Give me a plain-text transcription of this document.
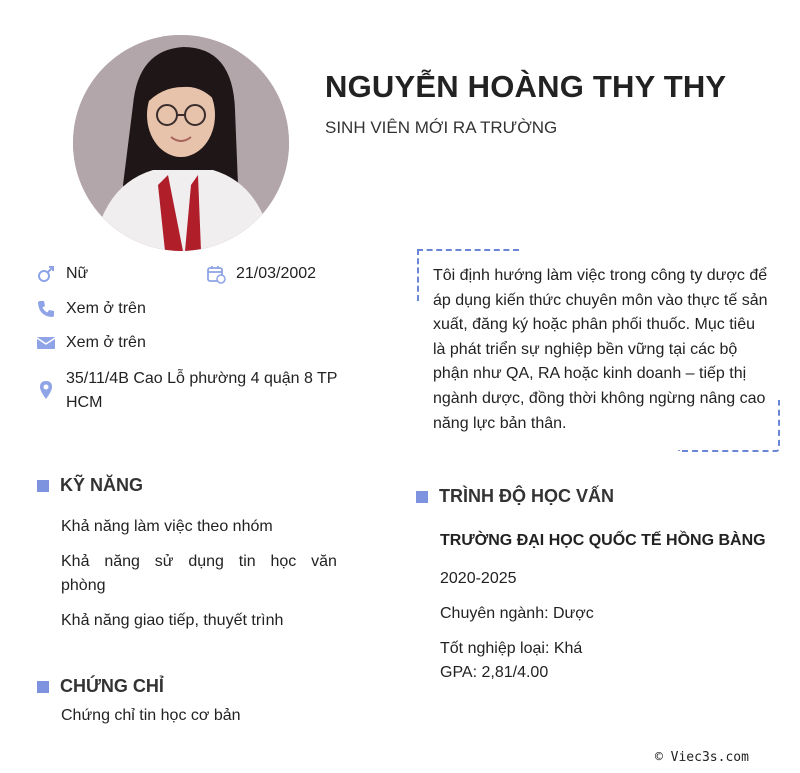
NGUYỄN HOÀNG THY THY
SINH VIÊN MỚI RA TRƯỜNG
Nữ	21/03/2002
Xem ở trên
Xem ở trên
35/11/4B Cao Lỗ phường 4 quận 8 TP
HCM

Tôi định hướng làm việc trong công ty dược để áp dụng kiến thức chuyên môn vào thực tế sản xuất, đăng ký hoặc phân phối thuốc. Mục tiêu là phát triển sự nghiệp bền vững tại các bộ phận như QA, RA hoặc kinh doanh – tiếp thị ngành dược, đồng thời không ngừng nâng cao năng lực bản thân.

KỸ NĂNG
Khả năng làm việc theo nhóm
Khả năng sử dụng tin học văn
phòng
Khả năng giao tiếp, thuyết trình
CHỨNG CHỈ
Chứng chỉ tin học cơ bản
TRÌNH ĐỘ HỌC VẤN
TRƯỜNG ĐẠI HỌC QUỐC TẾ HỒNG BÀNG
2020-2025
Chuyên ngành: Dược
Tốt nghiệp loại: Khá
GPA: 2,81/4.00
© Viec3s.com
